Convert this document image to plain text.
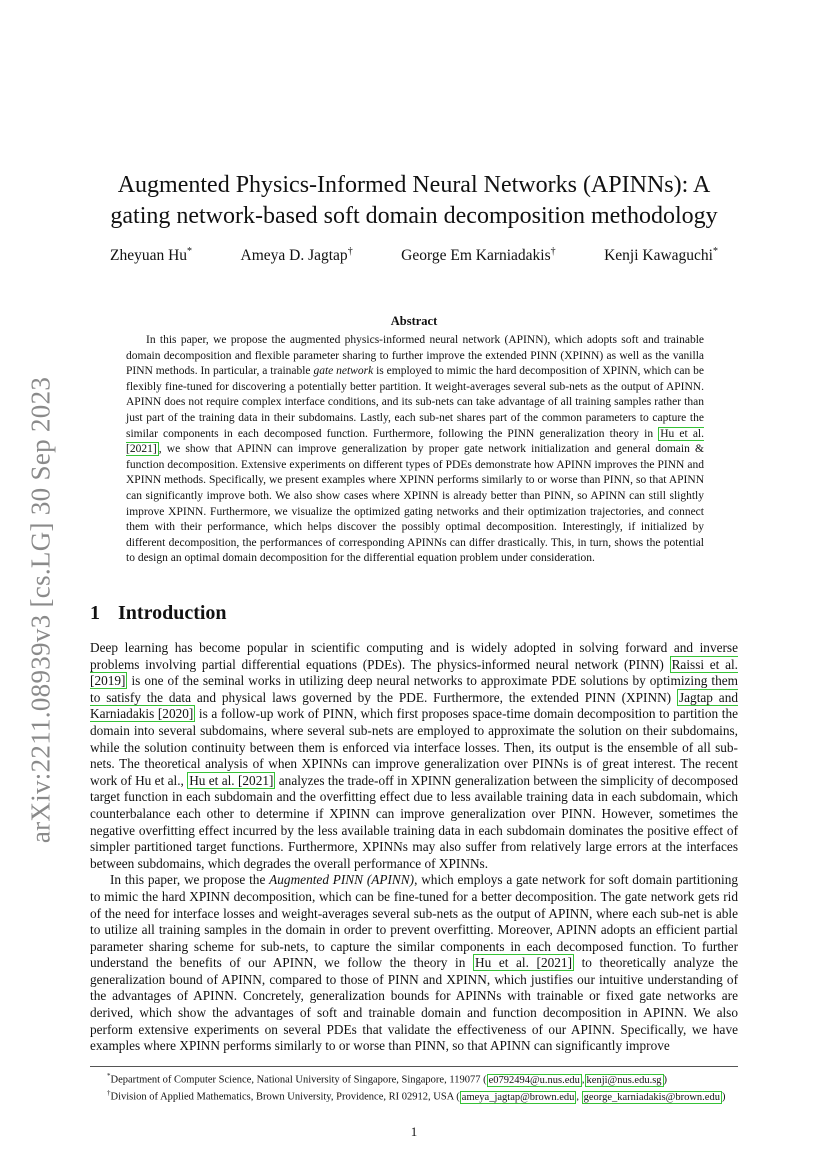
arXiv:2211.08939v3 [cs.LG] 30 Sep 2023
Augmented Physics-Informed Neural Networks (APINNs): A gating network-based soft domain decomposition methodology
Zheyuan Hu*	Ameya D. Jagtap†	George Em Karniadakis†	Kenji Kawaguchi*
Abstract

In this paper, we propose the augmented physics-informed neural network (APINN), which adopts soft and trainable domain decomposition and flexible parameter sharing to further improve the extended PINN (XPINN) as well as the vanilla PINN methods. In particular, a trainable gate network is employed to mimic the hard decomposition of XPINN, which can be flexibly fine-tuned for discovering a potentially better partition. It weight-averages several sub-nets as the output of APINN. APINN does not require complex interface conditions, and its sub-nets can take advantage of all training samples rather than just part of the training data in their subdomains. Lastly, each sub-net shares part of the common parameters to capture the similar components in each decomposed function. Furthermore, following the PINN generalization theory in Hu et al. [2021] , we show that APINN can improve generalization by proper gate network initialization and general domain & function decomposition. Extensive experiments on different types of PDEs demonstrate how APINN improves the PINN and XPINN methods. Specifically, we present examples where XPINN performs similarly to or worse than PINN, so that APINN can significantly improve both. We also show cases where XPINN is already better than PINN, so APINN can still slightly improve XPINN. Furthermore, we visualize the optimized gating networks and their optimization trajectories, and connect them with their performance, which helps discover the possibly optimal decomposition. Interestingly, if initialized by different decomposition, the performances of corresponding APINNs can differ drastically. This, in turn, shows the potential to design an optimal domain decomposition for the differential equation problem under consideration.

1 Introduction

Deep learning has become popular in scientific computing and is widely adopted in solving forward and inverse problems involving partial differential equations (PDEs). The physics-informed neural network (PINN) Raissi et al. [2019] is one of the seminal works in utilizing deep neural networks to approximate PDE solutions by optimizing them to satisfy the data and physical laws governed by the PDE. Furthermore, the extended PINN (XPINN) Jagtap and Karniadakis [2020] is a follow-up work of PINN, which first proposes space-time domain decomposition to partition the domain into several subdomains, where several sub-nets are employed to approximate the solution on their subdomains, while the solution continuity between them is enforced via interface losses. Then, its output is the ensemble of all sub-nets. The theoretical analysis of when XPINNs can improve generalization over PINNs is of great interest. The recent work of Hu et al., Hu et al. [2021] analyzes the trade-off in XPINN generalization between the simplicity of decomposed target function in each subdomain and the overfitting effect due to less available training data in each subdomain, which counterbalance each other to determine if XPINN can improve generalization over PINN. However, sometimes the negative overfitting effect incurred by the less available training data in each subdomain dominates the positive effect of simpler partitioned target functions. Furthermore, XPINNs may also suffer from relatively large errors at the interfaces between subdomains, which degrades the overall performance of XPINNs.

In this paper, we propose the Augmented PINN (APINN), which employs a gate network for soft domain partitioning to mimic the hard XPINN decomposition, which can be fine-tuned for a better decomposition. The gate network gets rid of the need for interface losses and weight-averages several sub-nets as the output of APINN, where each sub-net is able to utilize all training samples in the domain in order to prevent overfitting. Moreover, APINN adopts an efficient partial parameter sharing scheme for sub-nets, to capture the similar components in each decomposed function. To further understand the benefits of our APINN, we follow the theory in Hu et al. [2021] to theoretically analyze the generalization bound of APINN, compared to those of PINN and XPINN, which justifies our intuitive understanding of the advantages of APINN. Concretely, generalization bounds for APINNs with trainable or fixed gate networks are derived, which show the advantages of soft and trainable domain and function decomposition in APINN. We also perform extensive experiments on several PDEs that validate the effectiveness of our APINN. Specifically, we have examples where XPINN performs similarly to or worse than PINN, so that APINN can significantly improve

*Department of Computer Science, National University of Singapore, Singapore, 119077 ( e0792494@u.nus.edu , kenji@nus.edu.sg )
†Division of Applied Mathematics, Brown University, Providence, RI 02912, USA ( ameya_jagtap@brown.edu , george_karniadakis@brown.edu )
1
